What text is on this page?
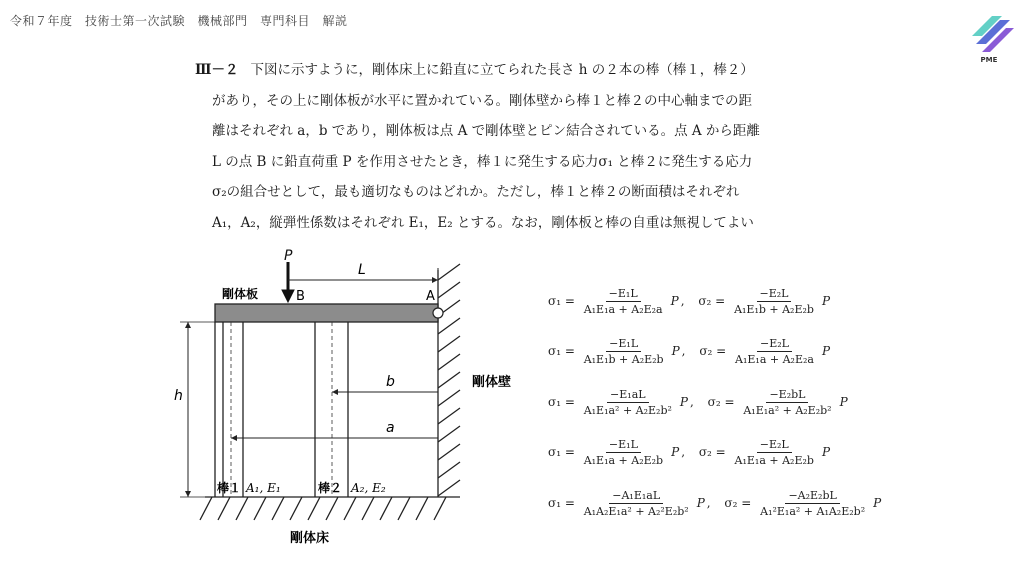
令和７年度　技術士第一次試験　機械部門　専門科目　解説
PME
Ⅲ－２ 下図に示すように，剛体床上に鉛直に立てられた長さ h の２本の棒（棒１，棒２）
があり，その上に剛体板が水平に置かれている。剛体壁から棒１と棒２の中心軸までの距
離はそれぞれ a，b であり，剛体板は点 A で剛体壁とピン結合されている。点 A から距離
L の点 B に鉛直荷重 P を作用させたとき，棒１に発生する応力σ₁ と棒２に発生する応力
σ₂の組合せとして，最も適切なものはどれか。ただし，棒１と棒２の断面積はそれぞれ
A₁，A₂，縦弾性係数はそれぞれ E₁，E₂ とする。なお，剛体板と棒の自重は無視してよい
P
L
剛体板	B	A
h
b
a
剛体壁
棒１ A₁, E₁	棒２ A₂, E₂
剛体床
$\sigma_1 = \frac{\text{−E₁L}}{\text{A₁E₁a + A₂E₂a}}$ P , $\sigma_2 = \frac{\text{−E₂L}}{\text{A₁E₁b + A₂E₂b}}$ P
$\sigma_1 = \frac{\text{−E₁L}}{\text{A₁E₁b + A₂E₂b}}$ P , $\sigma_2 = \frac{\text{−E₂L}}{\text{A₁E₁a + A₂E₂a}}$ P
$\sigma_1 = \frac{\text{−E₁aL}}{\text{A₁E₁a² + A₂E₂b²}}$ P , $\sigma_2 = \frac{\text{−E₂bL}}{\text{A₁E₁a² + A₂E₂b²}}$ P
$\sigma_1 = \frac{\text{−E₁L}}{\text{A₁E₁a + A₂E₂b}}$ P , $\sigma_2 = \frac{\text{−E₂L}}{\text{A₁E₁a + A₂E₂b}}$ P
$\sigma_1 = \frac{\text{−A₁E₁aL}}{\text{A₁A₂E₁a² + A₂²E₂b²}}$ P , $\sigma_2 = \frac{\text{−A₂E₂bL}}{\text{A₁²E₁a² + A₁A₂E₂b²}}$ P
